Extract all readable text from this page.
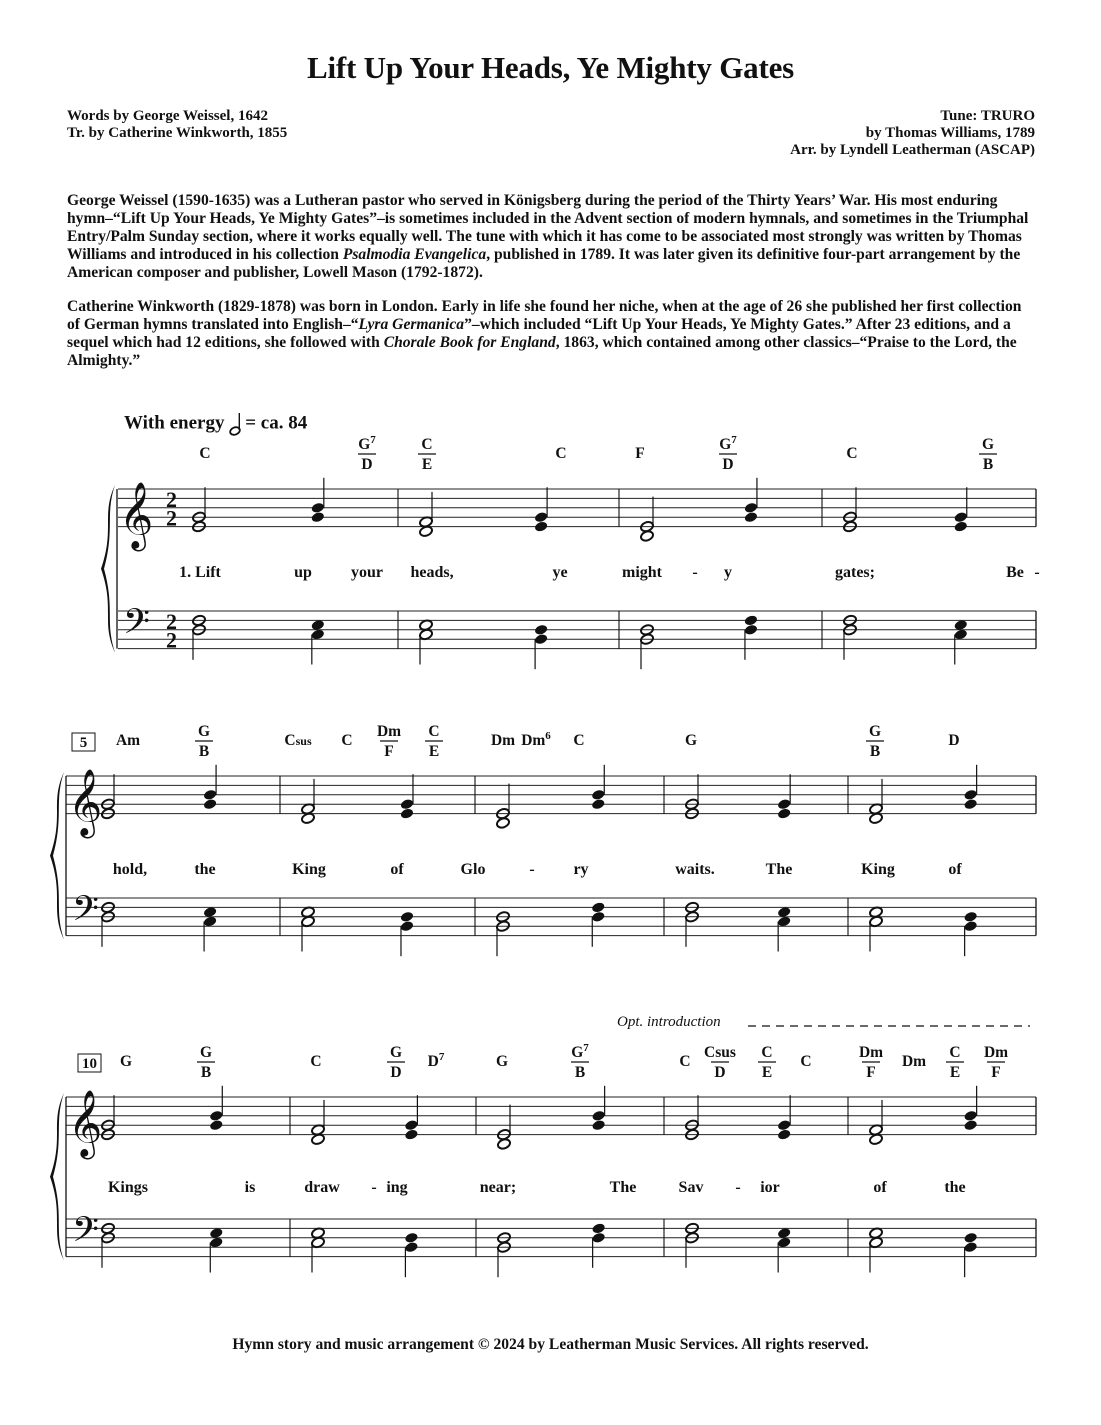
Lift Up Your Heads, Ye Mighty Gates
Words by George Weissel, 1642
Tr. by Catherine Winkworth, 1855
Tune: TRURO
by Thomas Williams, 1789
Arr. by Lyndell Leatherman (ASCAP)
George Weissel (1590-1635) was a Lutheran pastor who served in Königsberg during the period of the Thirty Years’ War. His most enduring hymn–“Lift Up Your Heads, Ye Mighty Gates”–is sometimes included in the Advent section of modern hymnals, and sometimes in the Triumphal Entry/Palm Sunday section, where it works equally well. The tune with which it has come to be associated most strongly was written by Thomas Williams and introduced in his collection Psalmodia Evangelica, published in 1789. It was later given its definitive four-part arrangement by the American composer and publisher, Lowell Mason (1792-1872).
Catherine Winkworth (1829-1878) was born in London. Early in life she found her niche, when at the age of 26 she published her first collection of German hymns translated into English–“Lyra Germanica”–which included “Lift Up Your Heads, Ye Mighty Gates.” After 23 editions, and a sequel which had 12 editions, she followed with Chorale Book for England, 1863, which contained among other classics–“Praise to the Lord, the Almighty.”
With energy = ca. 84
Opt. introduction
𝄞
𝄢
2
2
2
2
C
$G^7$
D
C
E
C	F
$G^7$
D
C
G
B
1. Lift	up your heads,	ye	might - y	gates;	Be -
𝄞
𝄢
5 Am
G
B
Csus C
Dm
F
C
E
Dm Dm$^6$ C	G
G
B
D
hold,	the	King	of	Glo	- ry	waits.	The	King	of
𝄞
𝄢
10 G
G
B
C
G
D
$D^7$	G
$G^7$
B
C
Csus
D
C
E
C
Dm
F
Dm
C
E
Dm
F
Kings	is	draw - ing	near;	The	Sav - ior	of	the
Hymn story and music arrangement © 2024 by Leatherman Music Services. All rights reserved.
